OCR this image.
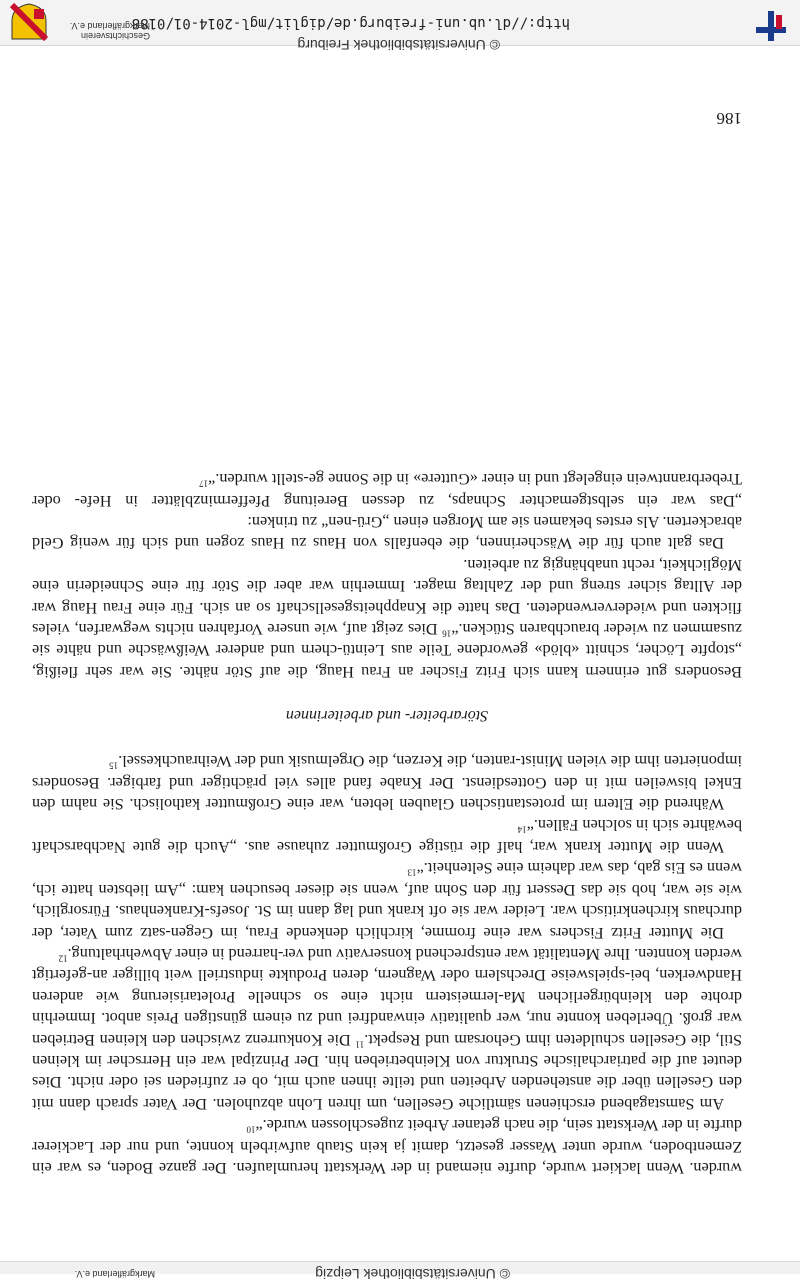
© Universitätsbibliothek Leipzig
Markgräflerland e.V.

wurden. Wenn lackiert wurde, durfte niemand in der Werkstatt herumlaufen. Der ganze Boden, es war ein Zementboden, wurde unter Wasser gesetzt, damit ja kein Staub aufwirbeln konnte, und nur der Lackierer durfte in der Werkstatt sein, die nach getaner Arbeit zugeschlossen wurde.“$^{10}$

Am Samstagabend erschienen sämtliche Gesellen, um ihren Lohn abzuholen. Der Vater sprach dann mit den Gesellen über die anstehenden Arbeiten und teilte ihnen auch mit, ob er zufrieden sei oder nicht. Dies deutet auf die patriarchalische Struktur von Kleinbetrieben hin. Der Prinzipal war ein Herrscher im kleinen Stil, die Gesellen schuldeten ihm Gehorsam und Respekt.$^{11}$ Die Konkurrenz zwischen den kleinen Betrieben war groß. Überleben konnte nur, wer qualitativ einwandfrei und zu einem günstigen Preis anbot. Immerhin drohte den kleinbürgerlichen Ma-lermeistern nicht eine so schnelle Proletarisierung wie anderen Handwerken, bei-spielsweise Drechslern oder Wagnern, deren Produkte industriell weit billiger an-gefertigt werden konnten. Ihre Mentalität war entsprechend konservativ und ver-harrend in einer Abwehrhaltung.$^{12}$

Die Mutter Fritz Fischers war eine fromme, kirchlich denkende Frau, im Gegen-satz zum Vater, der durchaus kirchenkritisch war. Leider war sie oft krank und lag dann im St. Josefs-Krankenhaus. Fürsorglich, wie sie war, hob sie das Dessert für den Sohn auf, wenn sie dieser besuchen kam: „Am liebsten hatte ich, wenn es Eis gab, das war daheim eine Seltenheit.“$^{13}$

Wenn die Mutter krank war, half die rüstige Großmutter zuhause aus. „Auch die gute Nachbarschaft bewährte sich in solchen Fällen.“$^{14}$

Während die Eltern im protestantischen Glauben lebten, war eine Großmutter katholisch. Sie nahm den Enkel bisweilen mit in den Gottesdienst. Der Knabe fand alles viel prächtiger und farbiger. Besonders imponierten ihm die vielen Minist-ranten, die Kerzen, die Orgelmusik und der Weihrauchkessel.$^{15}$

Störarbeiter- und arbeiterinnen

Besonders gut erinnern kann sich Fritz Fischer an Frau Haug, die auf Stör nähte. Sie war sehr fleißig, „stopfte Löcher, schnitt «blöd» gewordene Teile aus Leintü-chern und anderer Weißwäsche und nähte sie zusammen zu wieder brauchbaren Stücken.“$^{16}$ Dies zeigt auf, wie unsere Vorfahren nichts wegwarfen, vieles flickten und wiederverwendeten. Das hatte die Knappheitsgesellschaft so an sich. Für eine Frau Haug war der Alltag sicher streng und der Zahltag mager. Immerhin war aber die Stör für eine Schneiderin eine Möglichkeit, recht unabhängig zu arbeiten.

Das galt auch für die Wäscherinnen, die ebenfalls von Haus zu Haus zogen und sich für wenig Geld abrackerten. Als erstes bekamen sie am Morgen einen „Grü-nen“ zu trinken:

„Das war ein selbstgemachter Schnaps, zu dessen Bereitung Pfefferminzblätter in Hefe- oder Treberbranntwein eingelegt und in einer «Gutterе» in die Sonne ge-stellt wurden.“$^{17}$

186
© Universitätsbibliothek Freiburg
http://dl.ub.uni-freiburg.de/diglit/mgl-2014-01/0188
Geschichtsverein
Markgräflerland e.V.
